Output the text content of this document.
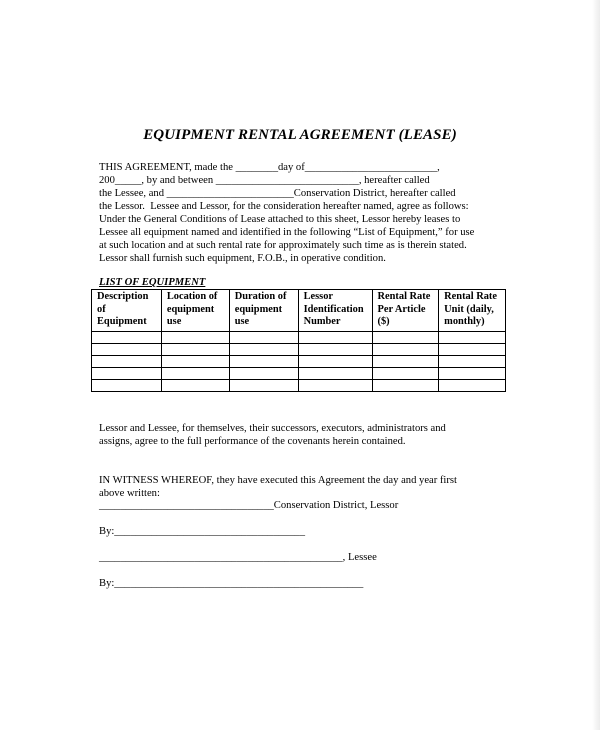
EQUIPMENT RENTAL AGREEMENT (LEASE)
THIS AGREEMENT, made the ________day of_________________________,
200_____, by and between ___________________________, hereafter called
the Lessee, and ________________________Conservation District, hereafter called
the Lessor.  Lessee and Lessor, for the consideration hereafter named, agree as follows:
Under the General Conditions of Lease attached to this sheet, Lessor hereby leases to
Lessee all equipment named and identified in the following “List of Equipment,” for use
at such location and at such rental rate for approximately such time as is therein stated.
Lessor shall furnish such equipment, F.O.B., in operative condition.
LIST OF EQUIPMENT
Description of Equipment	Location of equipment use	Duration of equipment use	Lessor Identification Number	Rental Rate Per Article ($)	Rental Rate Unit (daily, monthly)

Lessor and Lessee, for themselves, their successors, executors, administrators and
assigns, agree to the full performance of the covenants herein contained.
IN WITNESS WHEREOF, they have executed this Agreement the day and year first
above written:
_________________________________Conservation District, Lessor
By:____________________________________
______________________________________________, Lessee
By:_______________________________________________
